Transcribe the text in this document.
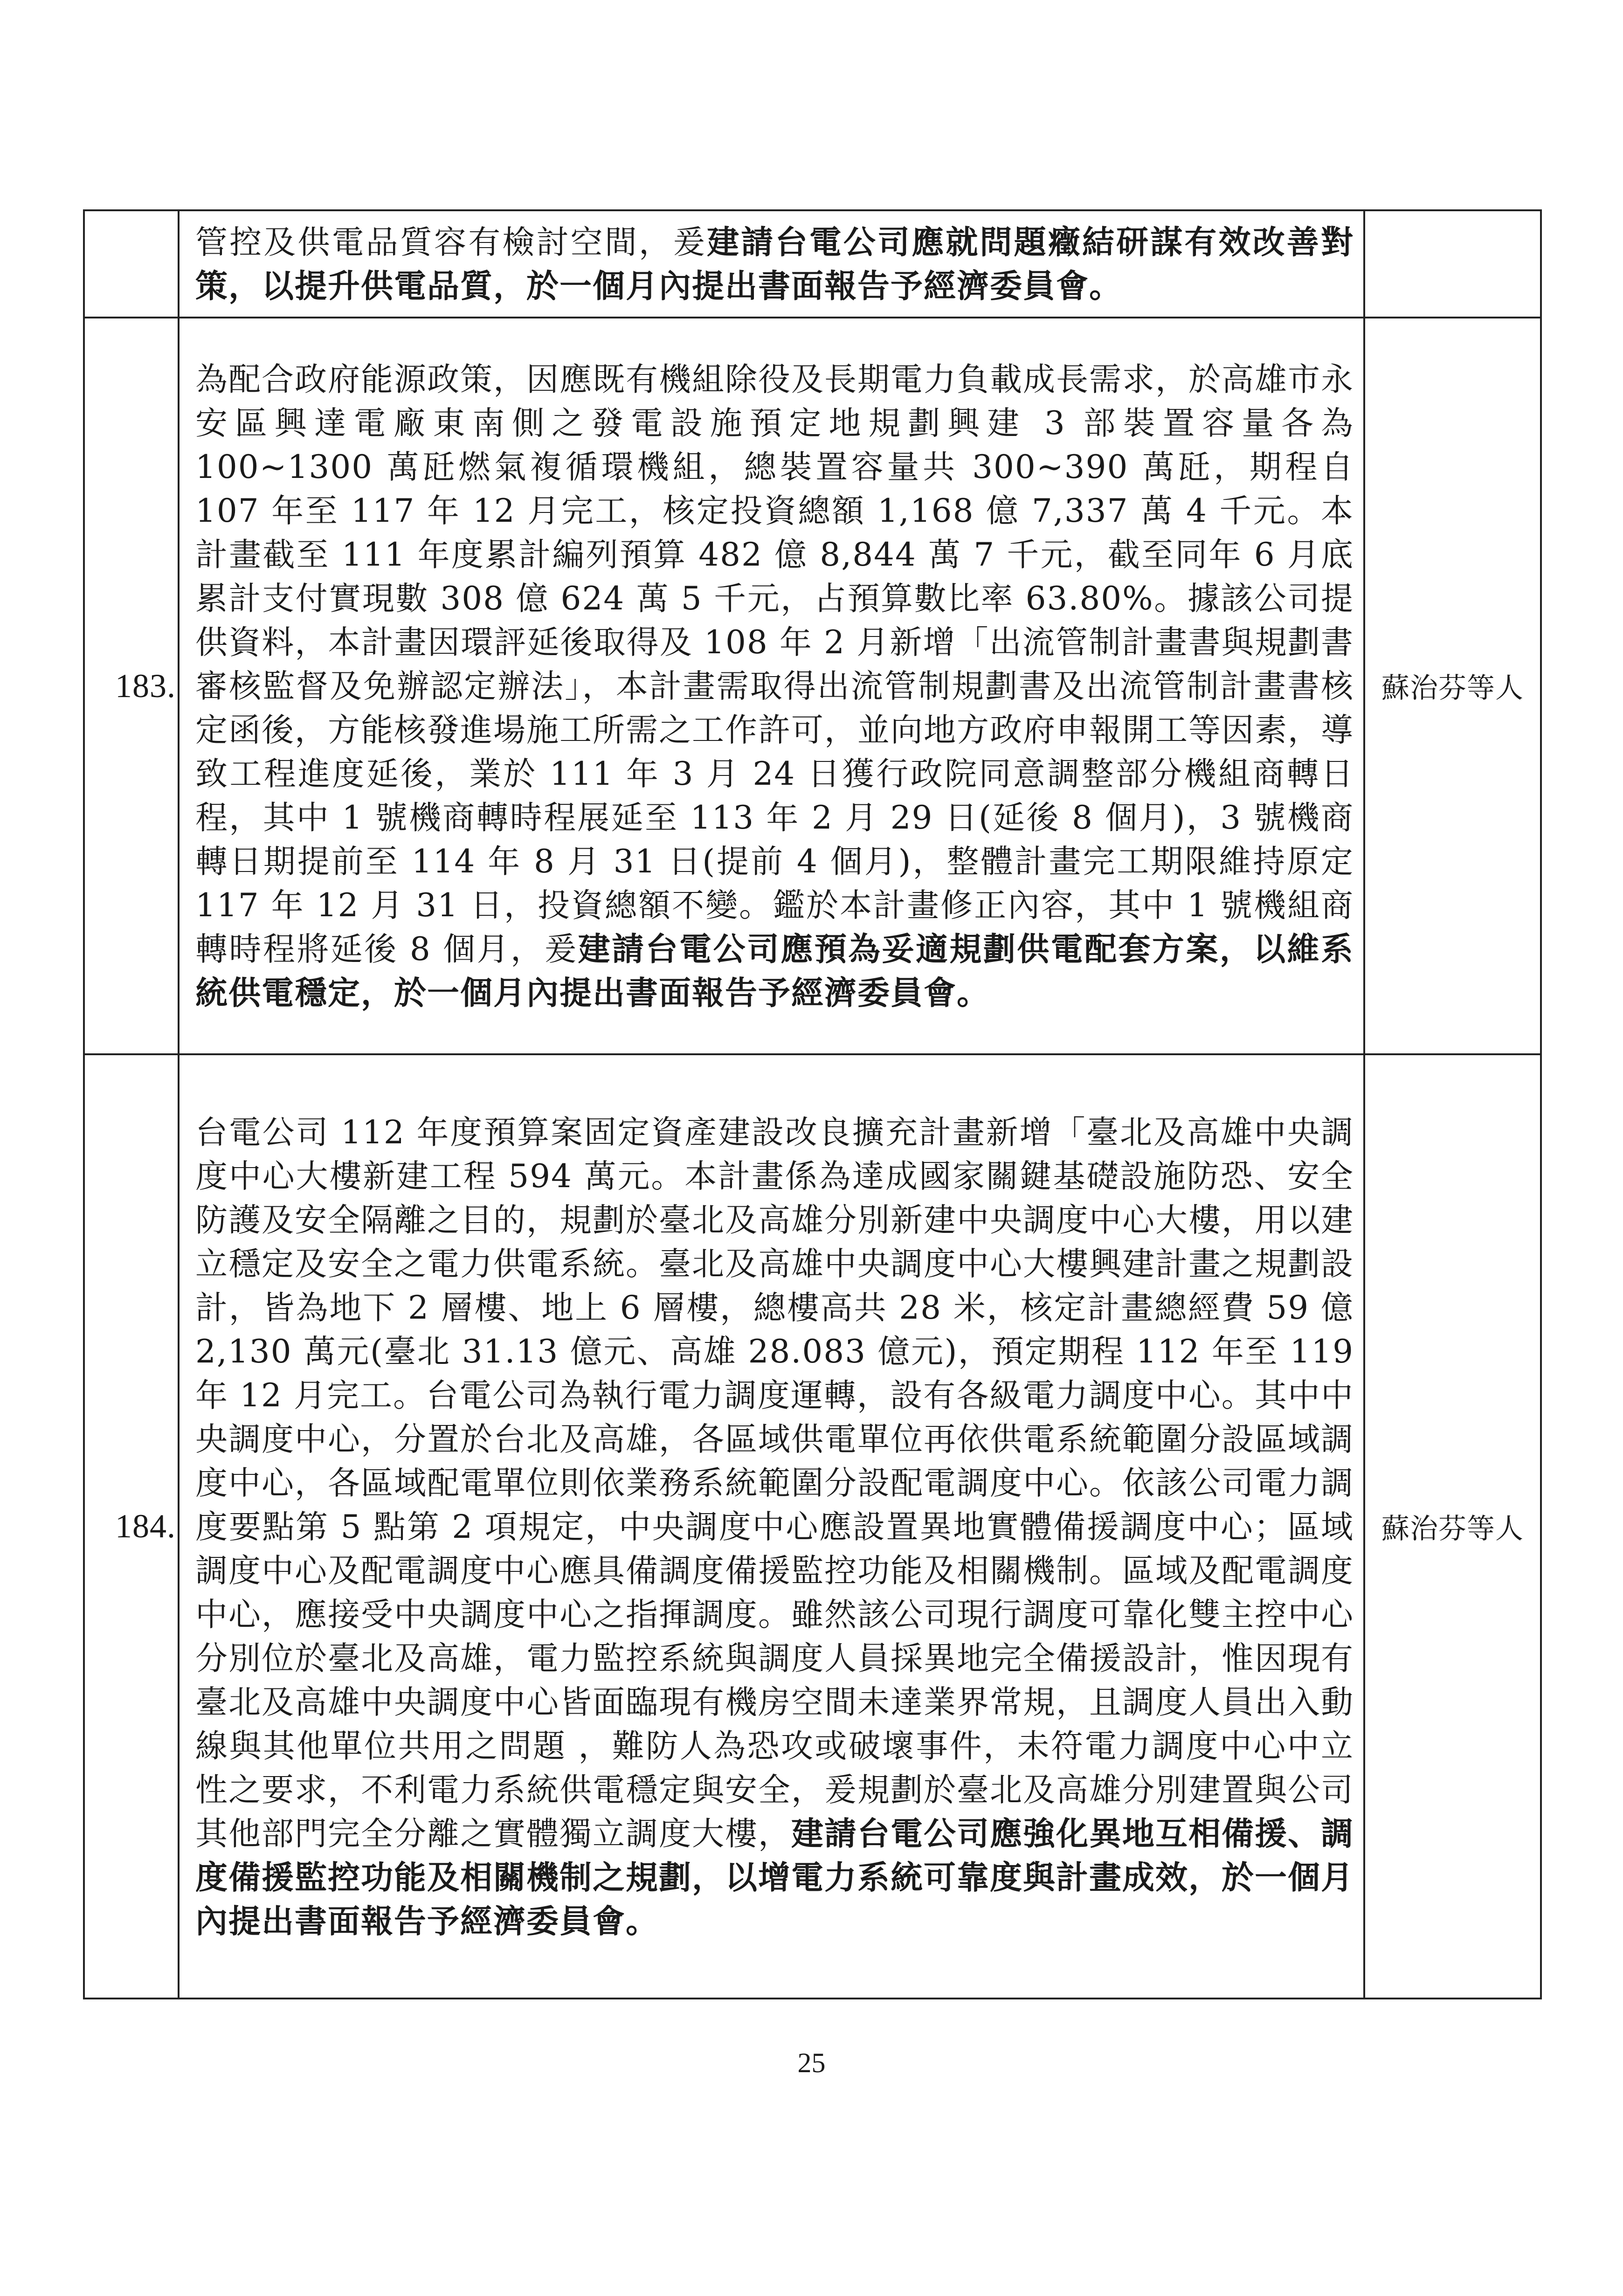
	管控及供電品質容有檢討空間，爰建請台電公司應就問題癥結研謀有效改善對策，以提升供電品質，於一個月內提出書面報告予經濟委員會。	

183.	為配合政府能源政策，因應既有機組除役及長期電力負載成長需求，於高雄市永安區興達電廠東南側之發電設施預定地規劃興建 3 部裝置容量各為 100~1300 萬瓩燃氣複循環機組，總裝置容量共 300~390 萬瓩，期程自 107 年至 117 年 12 月完工，核定投資總額 1,168 億 7,337 萬 4 千元。本計畫截至 111 年度累計編列預算 482 億 8,844 萬 7 千元，截至同年 6 月底累計支付實現數 308 億 624 萬 5 千元，占預算數比率 63.80%。據該公司提供資料，本計畫因環評延後取得及 108 年 2 月新增「出流管制計畫書與規劃書審核監督及免辦認定辦法」，本計畫需取得出流管制規劃書及出流管制計畫書核定函後，方能核發進場施工所需之工作許可，並向地方政府申報開工等因素，導致工程進度延後，業於 111 年 3 月 24 日獲行政院同意調整部分機組商轉日程，其中 1 號機商轉時程展延至 113 年 2 月 29 日(延後 8 個月)，3 號機商轉日期提前至 114 年 8 月 31 日(提前 4 個月)，整體計畫完工期限維持原定 117 年 12 月 31 日，投資總額不變。鑑於本計畫修正內容，其中 1 號機組商轉時程將延後 8 個月，爰建請台電公司應預為妥適規劃供電配套方案，以維系統供電穩定，於一個月內提出書面報告予經濟委員會。	蘇治芬等人
184.	台電公司 112 年度預算案固定資產建設改良擴充計畫新增「臺北及高雄中央調度中心大樓新建工程 594 萬元。本計畫係為達成國家關鍵基礎設施防恐、安全防護及安全隔離之目的，規劃於臺北及高雄分別新建中央調度中心大樓，用以建立穩定及安全之電力供電系統。臺北及高雄中央調度中心大樓興建計畫之規劃設計，皆為地下 2 層樓、地上 6 層樓，總樓高共 28 米，核定計畫總經費 59 億 2,130 萬元(臺北 31.13 億元、高雄 28.083 億元)，預定期程 112 年至 119 年 12 月完工。台電公司為執行電力調度運轉，設有各級電力調度中心。其中中央調度中心，分置於台北及高雄，各區域供電單位再依供電系統範圍分設區域調度中心，各區域配電單位則依業務系統範圍分設配電調度中心。依該公司電力調度要點第 5 點第 2 項規定，中央調度中心應設置異地實體備援調度中心；區域調度中心及配電調度中心應具備調度備援監控功能及相關機制。區域及配電調度中心，應接受中央調度中心之指揮調度。雖然該公司現行調度可靠化雙主控中心分別位於臺北及高雄，電力監控系統與調度人員採異地完全備援設計，惟因現有臺北及高雄中央調度中心皆面臨現有機房空間未達業界常規，且調度人員出入動線與其他單位共用之問題 ，難防人為恐攻或破壞事件，未符電力調度中心中立性之要求，不利電力系統供電穩定與安全，爰規劃於臺北及高雄分別建置與公司其他部門完全分離之實體獨立調度大樓，建請台電公司應強化異地互相備援、調度備援監控功能及相關機制之規劃，以增電力系統可靠度與計畫成效，於一個月內提出書面報告予經濟委員會。	蘇治芬等人
25
